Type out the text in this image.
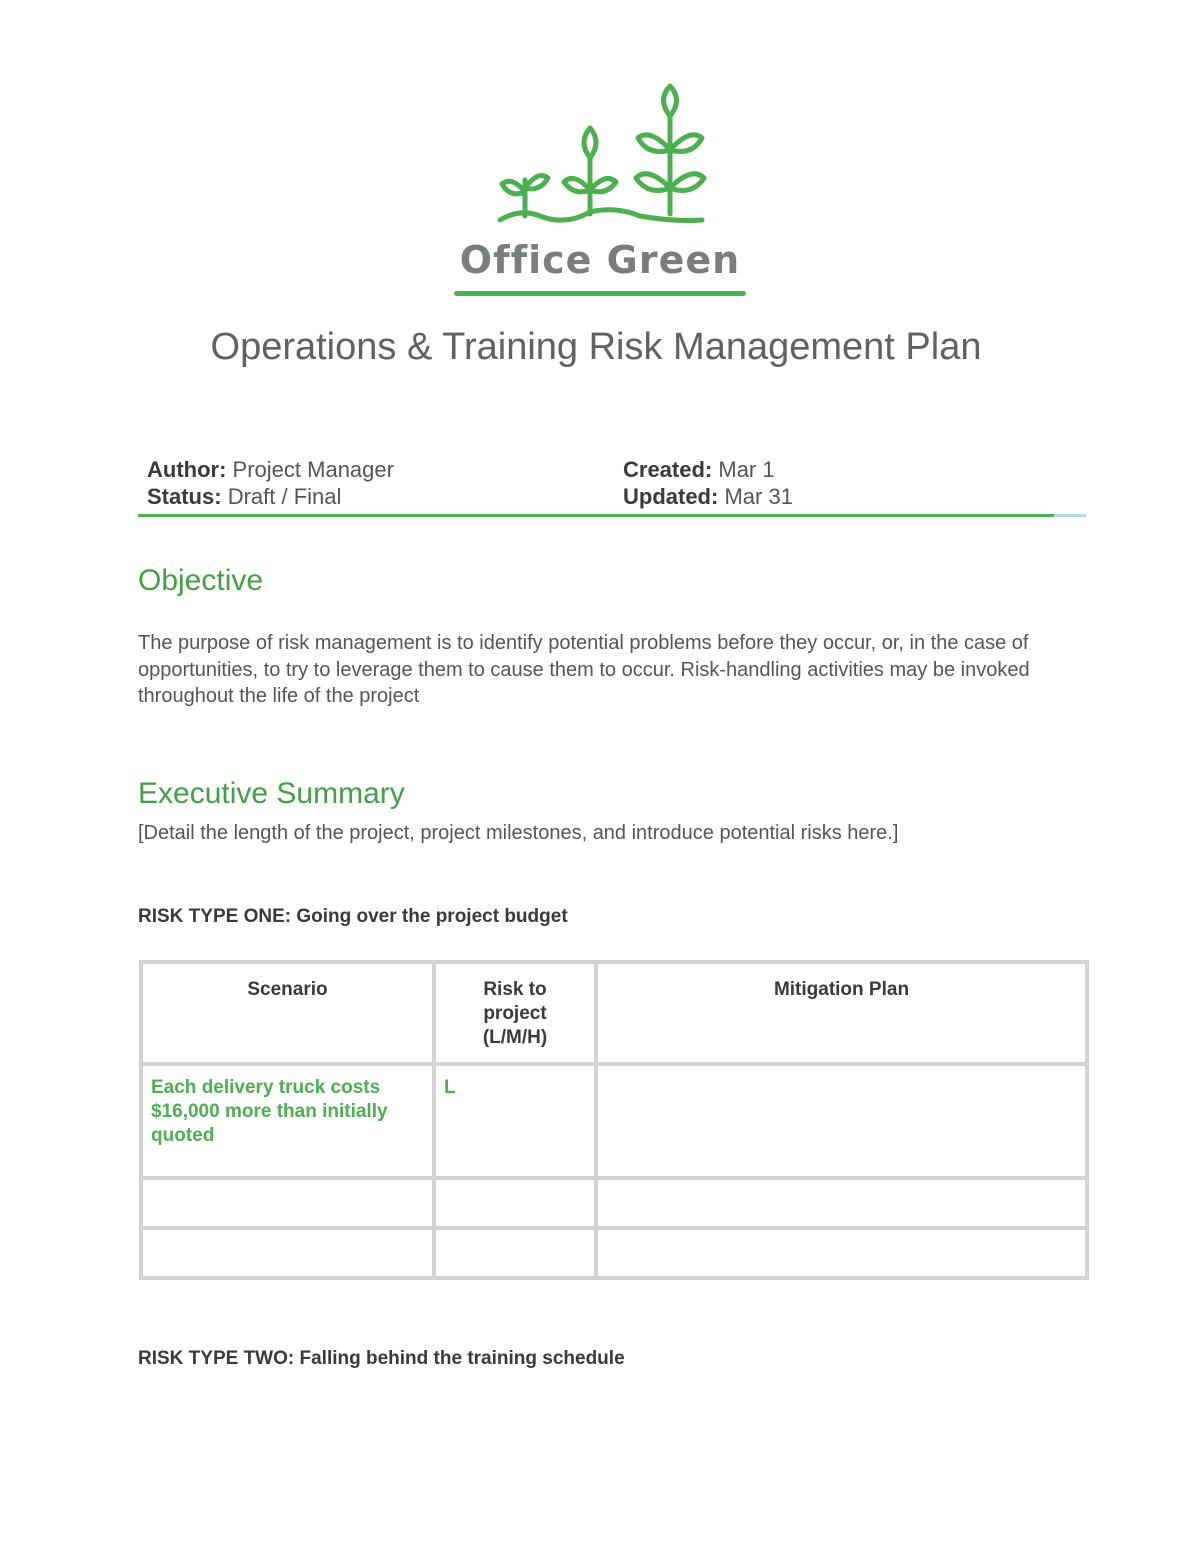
Office Green
Operations & Training Risk Management Plan
Author: Project Manager
Status: Draft / Final
Created: Mar 1
Updated: Mar 31
Objective

The purpose of risk management is to identify potential problems before they occur, or, in the case of opportunities, to try to leverage them to cause them to occur. Risk-handling activities may be invoked throughout the life of the project

Executive Summary

[Detail the length of the project, project milestones, and introduce potential risks here.]

RISK TYPE ONE: Going over the project budget

Scenario	Risk to project (L/M/H)	Mitigation Plan
Each delivery truck costs $16,000 more than initially quoted	L	

RISK TYPE TWO: Falling behind the training schedule
